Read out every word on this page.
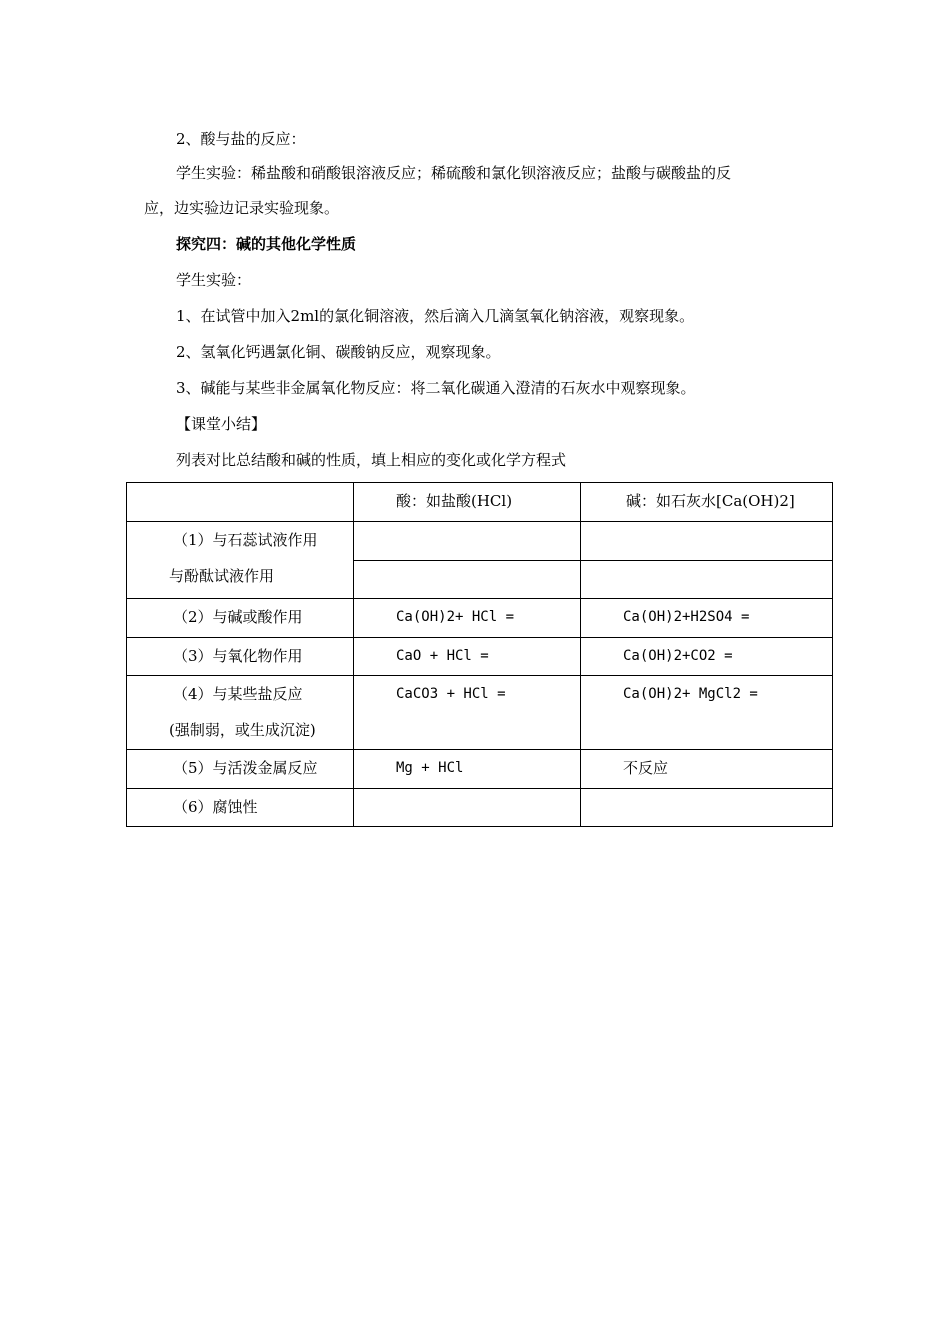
2、酸与盐的反应：
学生实验：稀盐酸和硝酸银溶液反应；稀硫酸和氯化钡溶液反应；盐酸与碳酸盐的反
应，边实验边记录实验现象。
探究四：碱的其他化学性质
学生实验：
1、在试管中加入2ml的氯化铜溶液，然后滴入几滴氢氧化钠溶液，观察现象。
2、氢氧化钙遇氯化铜、碳酸钠反应，观察现象。
3、碱能与某些非金属氧化物反应：将二氧化碳通入澄清的石灰水中观察现象。
【课堂小结】
列表对比总结酸和碱的性质，填上相应的变化或化学方程式

	酸：如盐酸(HCl)	碱：如石灰水[Ca(OH)2]

（1）与石蕊试液作用
与酚酞试液作用		

（2）与碱或酸作用	Ca(OH)2+ HCl =	Ca(OH)2+H2SO4 =

（3）与氧化物作用	CaO + HCl =	Ca(OH)2+CO2 =

（4）与某些盐反应
(强制弱，或生成沉淀)	CaCO3 + HCl =	Ca(OH)2+ MgCl2 =

（5）与活泼金属反应	Mg + HCl	不反应

（6）腐蚀性		
